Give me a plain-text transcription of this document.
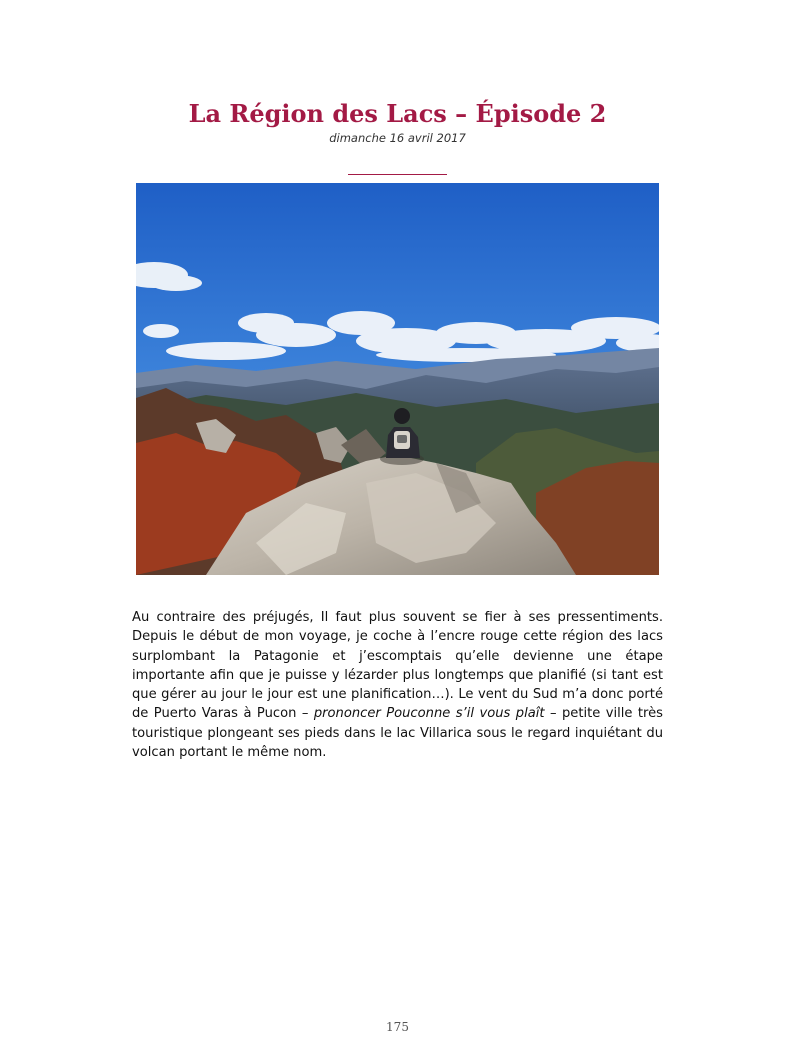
La Région des Lacs – Épisode 2
dimanche 16 avril 2017

Au contraire des préjugés, Il faut plus souvent se fier à ses pressentiments. Depuis le début de mon voyage, je coche à l’encre rouge cette région des lacs surplombant la Patagonie et j’escomptais qu’elle devienne une étape importante afin que je puisse y lézarder plus longtemps que planifié (si tant est que gérer au jour le jour est une planification…). Le vent du Sud m’a donc porté de Puerto Varas à Pucon – prononcer Pouconne s’il vous plaît – petite ville très touristique plongeant ses pieds dans le lac Villarica sous le regard inquiétant du volcan portant le même nom.

175
